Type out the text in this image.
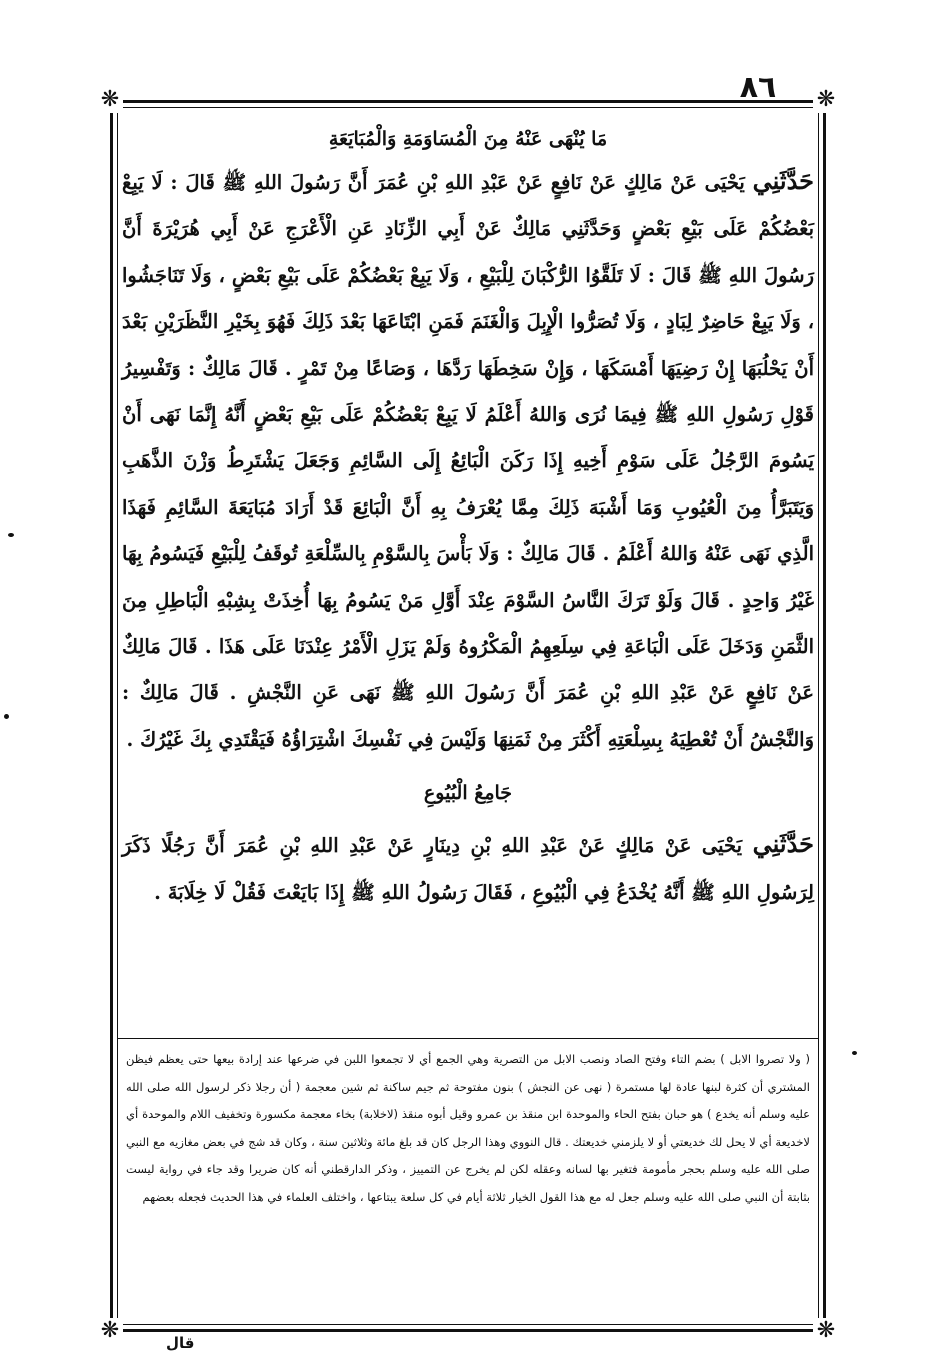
٨٦
❋	❋
❋	❋
مَا يُنْهَى عَنْهُ مِنَ الْمُسَاوَمَةِ وَالْمُبَايَعَةِ

حَدَّثَنِي يَحْيَى عَنْ مَالِكٍ عَنْ نَافِعٍ عَنْ عَبْدِ اللهِ بْنِ عُمَرَ أَنَّ رَسُولَ اللهِ ﷺ قَالَ : لَا يَبِعْ بَعْضُكُمْ عَلَى بَيْعِ بَعْضٍ وَحَدَّثَنِي مَالِكٌ عَنْ أَبِي الزِّنَادِ عَنِ الْأَعْرَجِ عَنْ أَبِي هُرَيْرَةَ أَنَّ رَسُولَ اللهِ ﷺ قَالَ : لَا تَلَقَّوُا الرُّكْبَانَ لِلْبَيْعِ ، وَلَا يَبِعْ بَعْضُكُمْ عَلَى بَيْعِ بَعْضٍ ، وَلَا تَنَاجَشُوا ، وَلَا يَبِعْ حَاضِرٌ لِبَادٍ ، وَلَا تُصَرُّوا الْإِبِلَ وَالْغَنَمَ فَمَنِ ابْتَاعَهَا بَعْدَ ذَلِكَ فَهُوَ بِخَيْرِ النَّظَرَيْنِ بَعْدَ أَنْ يَحْلُبَهَا إِنْ رَضِيَهَا أَمْسَكَهَا ، وَإِنْ سَخِطَهَا رَدَّهَا ، وَصَاعًا مِنْ تَمْرٍ . قَالَ مَالِكٌ : وَتَفْسِيرُ قَوْلِ رَسُولِ اللهِ ﷺ فِيمَا نُرَى وَاللهُ أَعْلَمُ لَا يَبِعْ بَعْضُكُمْ عَلَى بَيْعِ بَعْضٍ أَنَّهُ إِنَّمَا نَهَى أَنْ يَسُومَ الرَّجُلُ عَلَى سَوْمِ أَخِيهِ إِذَا رَكَنَ الْبَائِعُ إِلَى السَّائِمِ وَجَعَلَ يَشْتَرِطُ وَزْنَ الذَّهَبِ وَيَتَبَرَّأُ مِنَ الْعُيُوبِ وَمَا أَشْبَهَ ذَلِكَ مِمَّا يُعْرَفُ بِهِ أَنَّ الْبَائِعَ قَدْ أَرَادَ مُبَايَعَةَ السَّائِمِ فَهَذَا الَّذِي نَهَى عَنْهُ وَاللهُ أَعْلَمُ . قَالَ مَالِكٌ : وَلَا بَأْسَ بِالسَّوْمِ بِالسِّلْعَةِ تُوقَفُ لِلْبَيْعِ فَيَسُومُ بِهَا غَيْرُ وَاحِدٍ . قَالَ وَلَوْ تَرَكَ النَّاسُ السَّوْمَ عِنْدَ أَوَّلِ مَنْ يَسُومُ بِهَا أُخِذَتْ بِشِبْهِ الْبَاطِلِ مِنَ الثَّمَنِ وَدَخَلَ عَلَى الْبَاعَةِ فِي سِلَعِهِمُ الْمَكْرُوهُ وَلَمْ يَزَلِ الْأَمْرُ عِنْدَنَا عَلَى هَذَا . قَالَ مَالِكٌ عَنْ نَافِعٍ عَنْ عَبْدِ اللهِ بْنِ عُمَرَ أَنَّ رَسُولَ اللهِ ﷺ نَهَى عَنِ النَّجْشِ . قَالَ مَالِكٌ : وَالنَّجْشُ أَنْ تُعْطِيَهُ بِسِلْعَتِهِ أَكْثَرَ مِنْ ثَمَنِهَا وَلَيْسَ فِي نَفْسِكَ اشْتِرَاؤُهُ فَيَقْتَدِي بِكَ غَيْرُكَ .

جَامِعُ الْبُيُوعِ

حَدَّثَنِي يَحْيَى عَنْ مَالِكٍ عَنْ عَبْدِ اللهِ بْنِ دِينَارٍ عَنْ عَبْدِ اللهِ بْنِ عُمَرَ أَنَّ رَجُلًا ذَكَرَ لِرَسُولِ اللهِ ﷺ أَنَّهُ يُخْدَعُ فِي الْبُيُوعِ ، فَقَالَ رَسُولُ اللهِ ﷺ إِذَا بَايَعْتَ فَقُلْ لَا خِلَابَةَ .

( ولا تصروا الابل ) بضم التاء وفتح الصاد ونصب الابل من التصرية وهي الجمع أي لا تجمعوا اللبن في ضرعها عند إرادة بيعها حتى يعظم فيظن المشتري أن كثرة لبنها عادة لها مستمرة ( نهى عن النجش ) بنون مفتوحة ثم جيم ساكنة ثم شين معجمة ( أن رجلا ذكر لرسول الله صلى الله عليه وسلم أنه يخدع ) هو حبان بفتح الحاء والموحدة ابن منقذ بن عمرو وقيل أبوه منقذ (لاخلابة) بخاء معجمة مكسورة وتخفيف اللام والموحدة أي لاخديعة أي لا يحل لك خديعتي أو لا يلزمني خديعتك . قال النووي وهذا الرجل كان قد بلغ مائة وثلاثين سنة ، وكان قد شج في بعض مغازيه مع النبي صلى الله عليه وسلم بحجر مأمومة فتغير بها لسانه وعقله لكن لم يخرج عن التمييز ، وذكر الدارقطني أنه كان ضريرا وقد جاء في رواية ليست بثابتة أن النبي صلى الله عليه وسلم جعل له مع هذا القول الخيار ثلاثة أيام في كل سلعة يبتاعها ، واختلف العلماء في هذا الحديث فجعله بعضهم
قال
